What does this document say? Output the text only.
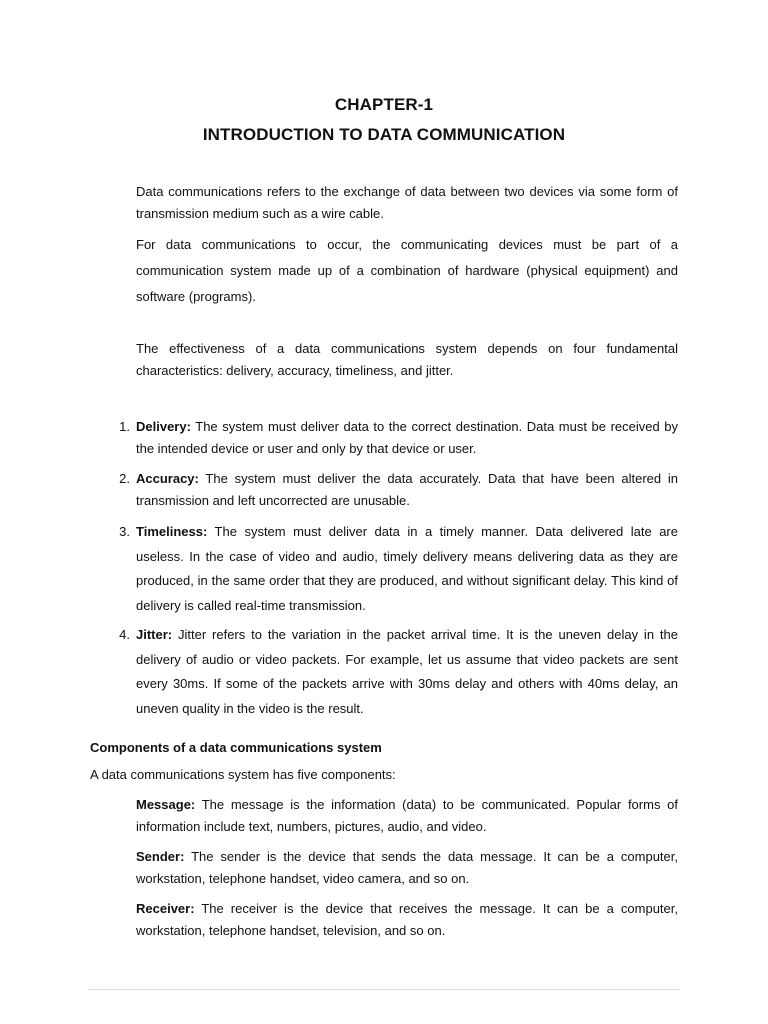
CHAPTER-1
INTRODUCTION TO DATA COMMUNICATION

Data communications refers to the exchange of data between two devices via some form of transmission medium such as a wire cable.

For data communications to occur, the communicating devices must be part of a communication system made up of a combination of hardware (physical equipment) and software (programs).

The effectiveness of a data communications system depends on four fundamental characteristics: delivery, accuracy, timeliness, and jitter.

1. Delivery: The system must deliver data to the correct destination. Data must be received by the intended device or user and only by that device or user.
2. Accuracy: The system must deliver the data accurately. Data that have been altered in transmission and left uncorrected are unusable.
3. Timeliness: The system must deliver data in a timely manner. Data delivered late are useless. In the case of video and audio, timely delivery means delivering data as they are produced, in the same order that they are produced, and without significant delay. This kind of delivery is called real-time transmission.
4. Jitter: Jitter refers to the variation in the packet arrival time. It is the uneven delay in the delivery of audio or video packets. For example, let us assume that video packets are sent every 30ms. If some of the packets arrive with 30ms delay and others with 40ms delay, an uneven quality in the video is the result.
Components of a data communications system
A data communications system has five components:
Message: The message is the information (data) to be communicated. Popular forms of information include text, numbers, pictures, audio, and video.
Sender: The sender is the device that sends the data message. It can be a computer, workstation, telephone handset, video camera, and so on.
Receiver: The receiver is the device that receives the message. It can be a computer, workstation, telephone handset, television, and so on.
